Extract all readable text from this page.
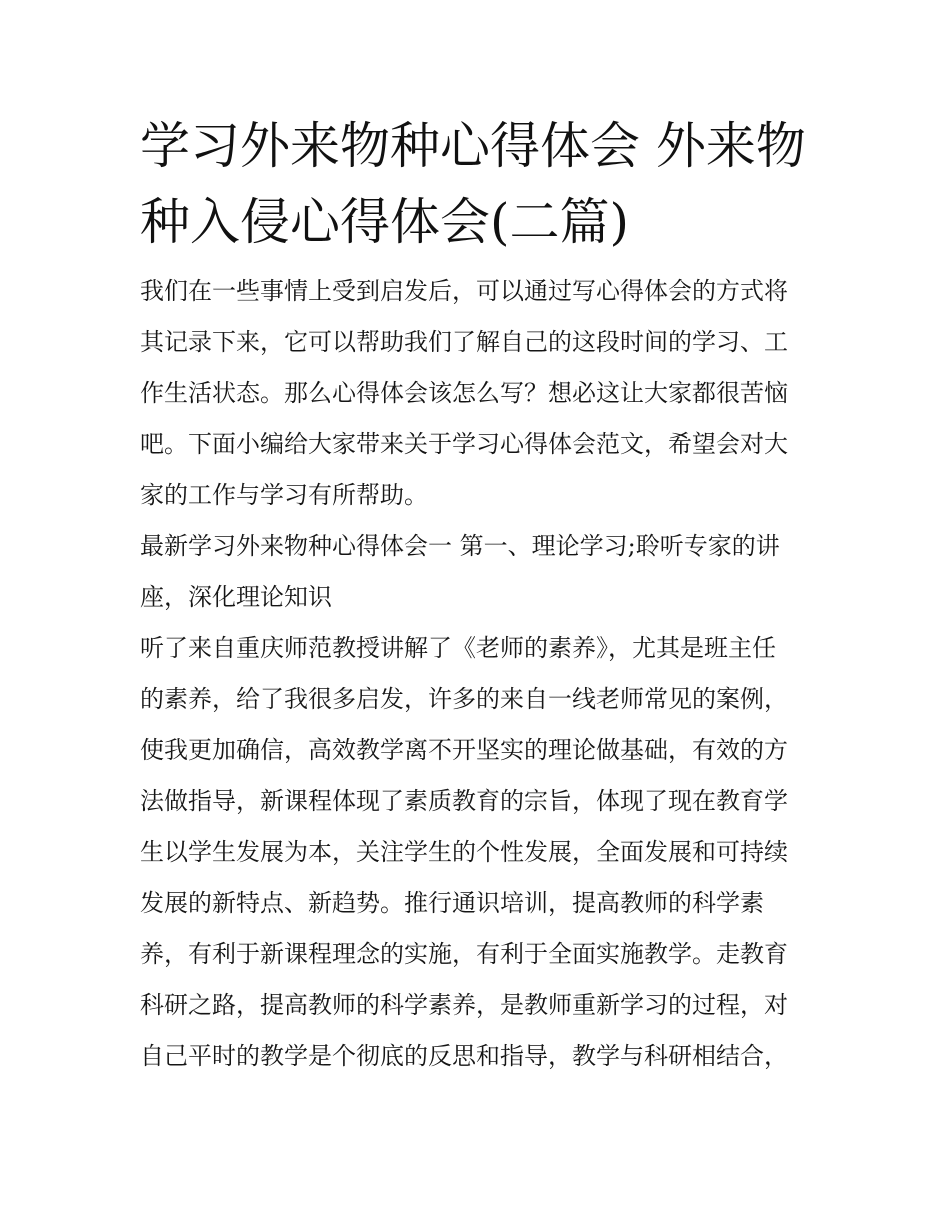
学习外来物种心得体会 外来物
种入侵心得体会(二篇)

我们在一些事情上受到启发后，可以通过写心得体会的方式将
其记录下来，它可以帮助我们了解自己的这段时间的学习、工
作生活状态。那么心得体会该怎么写？想必这让大家都很苦恼
吧。下面小编给大家带来关于学习心得体会范文，希望会对大
家的工作与学习有所帮助。

最新学习外来物种心得体会一 第一、理论学习;聆听专家的讲
座，深化理论知识

听了来自重庆师范教授讲解了《老师的素养》，尤其是班主任
的素养，给了我很多启发，许多的来自一线老师常见的案例，
使我更加确信，高效教学离不开坚实的理论做基础，有效的方
法做指导，新课程体现了素质教育的宗旨，体现了现在教育学
生以学生发展为本，关注学生的个性发展，全面发展和可持续
发展的新特点、新趋势。推行通识培训，提高教师的科学素
养，有利于新课程理念的实施，有利于全面实施教学。走教育
科研之路，提高教师的科学素养，是教师重新学习的过程，对
自己平时的教学是个彻底的反思和指导，教学与科研相结合，
